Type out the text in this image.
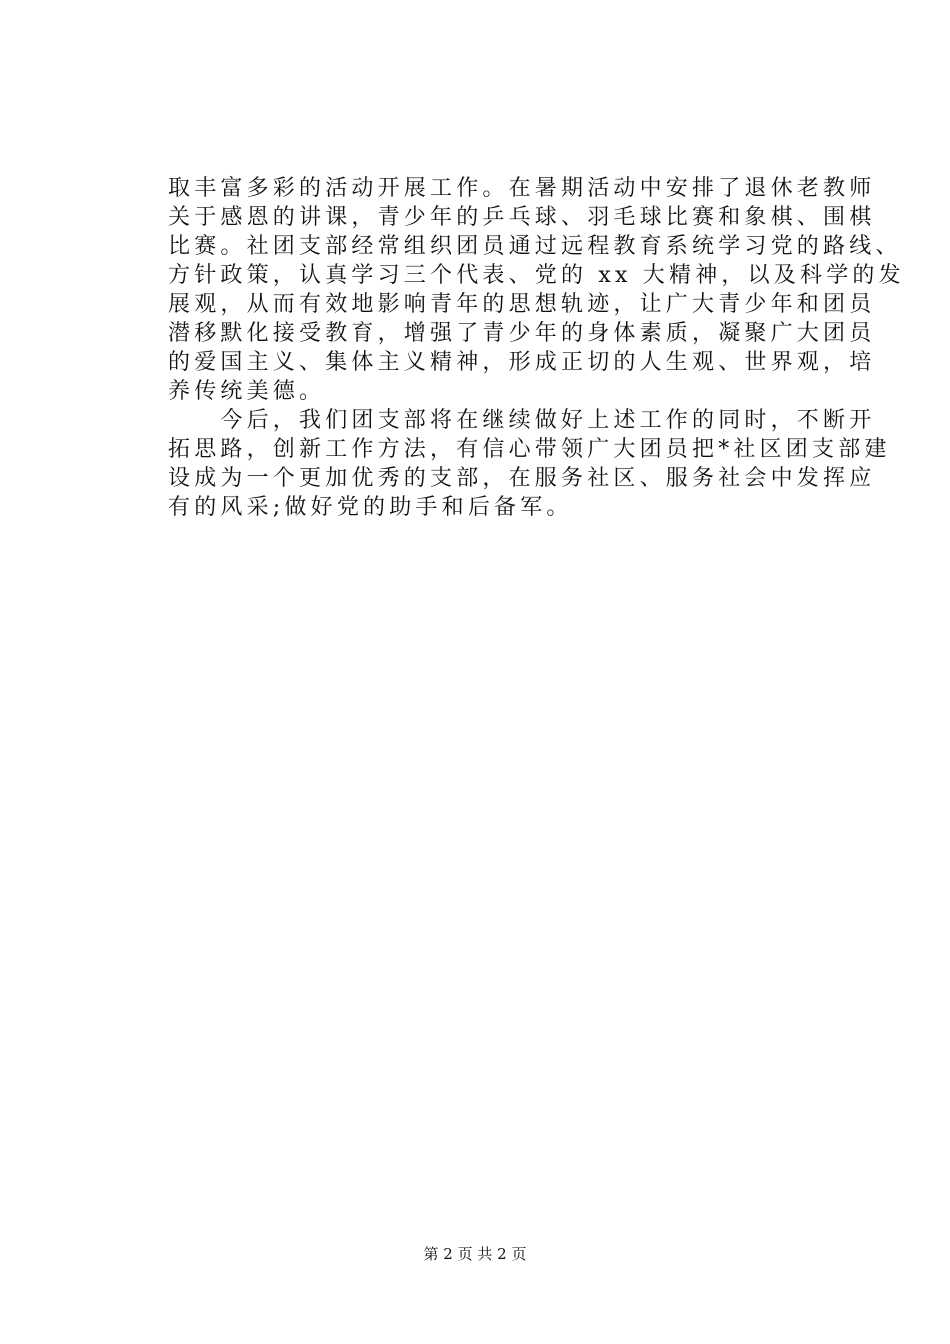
取丰富多彩的活动开展工作。在暑期活动中安排了退休老教师
关于感恩的讲课，青少年的乒乓球、羽毛球比赛和象棋、围棋
比赛。社团支部经常组织团员通过远程教育系统学习党的路线、
方针政策，认真学习三个代表、党的 xx 大精神，以及科学的发
展观，从而有效地影响青年的思想轨迹，让广大青少年和团员
潜移默化接受教育，增强了青少年的身体素质，凝聚广大团员
的爱国主义、集体主义精神，形成正切的人生观、世界观，培
养传统美德。
　　今后，我们团支部将在继续做好上述工作的同时，不断开
拓思路，创新工作方法，有信心带领广大团员把*社区团支部建
设成为一个更加优秀的支部，在服务社区、服务社会中发挥应
有的风采;做好党的助手和后备军。
第 2 页 共 2 页
